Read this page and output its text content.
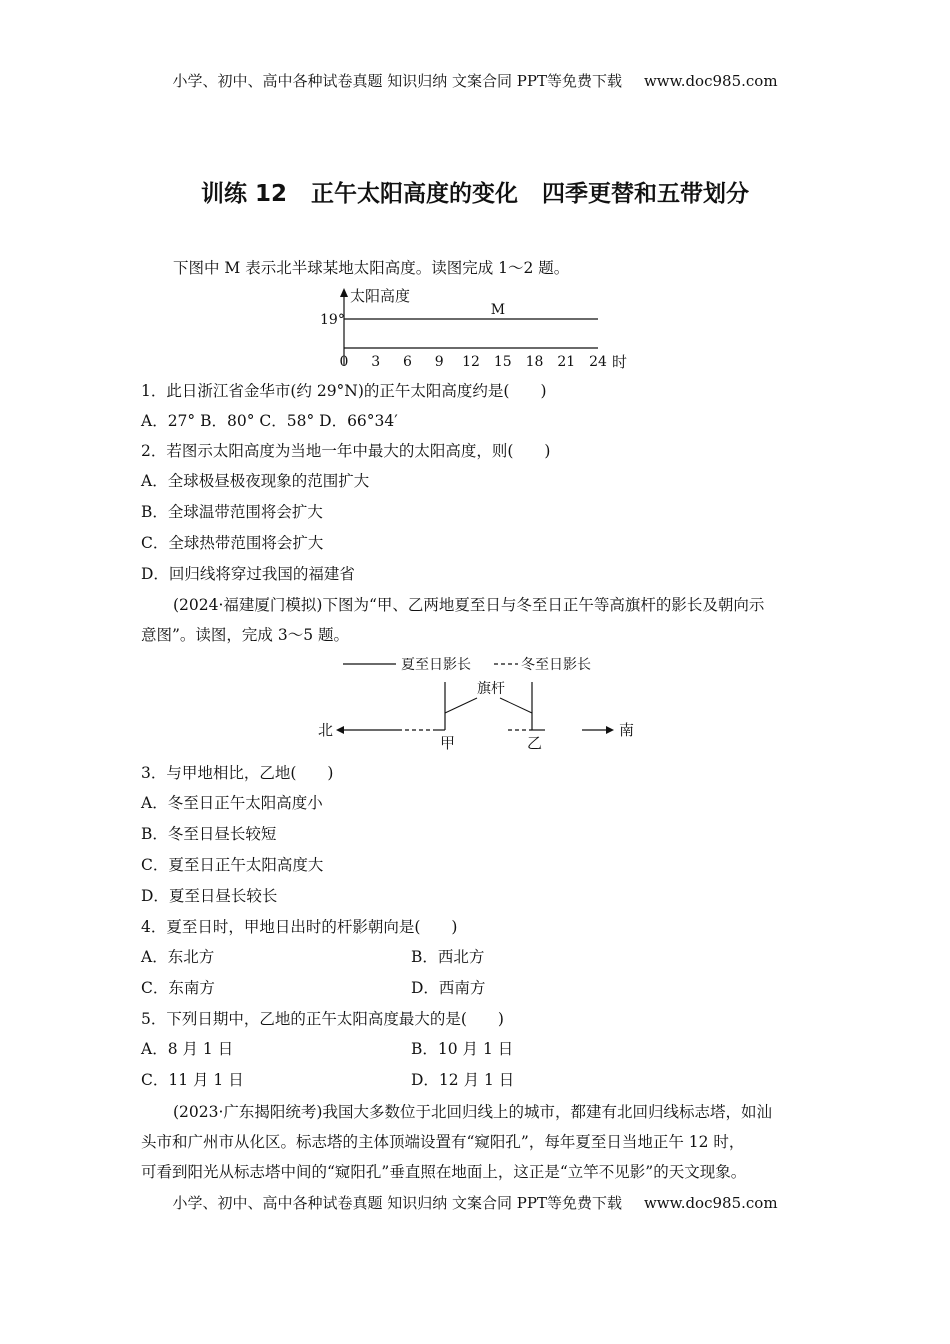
小学、初中、高中各种试卷真题 知识归纳 文案合同 PPT等免费下载 www.doc985.com
训练 12 正午太阳高度的变化 四季更替和五带划分
下图中 M 表示北半球某地太阳高度。读图完成 1～2 题。
太阳高度
19°
0 3 6 9 12 15 18 21 24
M
时
1．此日浙江省金华市(约 29°N)的正午太阳高度约是(　　)
A．27° B．80° C．58° D．66°34′
2．若图示太阳高度为当地一年中最大的太阳高度，则(　　)
A．全球极昼极夜现象的范围扩大
B．全球温带范围将会扩大
C．全球热带范围将会扩大
D．回归线将穿过我国的福建省
(2024·福建厦门模拟)下图为“甲、乙两地夏至日与冬至日正午等高旗杆的影长及朝向示
意图”。读图，完成 3～5 题。
夏至日影长	冬至日影长
旗杆
北	南
甲	乙
3．与甲地相比，乙地(　　)
A．冬至日正午太阳高度小
B．冬至日昼长较短
C．夏至日正午太阳高度大
D．夏至日昼长较长
4．夏至日时，甲地日出时的杆影朝向是(　　)
A．东北方	B．西北方
C．东南方	D．西南方
5．下列日期中，乙地的正午太阳高度最大的是(　　)
A．8 月 1 日	B．10 月 1 日
C．11 月 1 日	D．12 月 1 日
(2023·广东揭阳统考)我国大多数位于北回归线上的城市，都建有北回归线标志塔，如汕
头市和广州市从化区。标志塔的主体顶端设置有“窥阳孔”，每年夏至日当地正午 12 时，
可看到阳光从标志塔中间的“窥阳孔”垂直照在地面上，这正是“立竿不见影”的天文现象。
小学、初中、高中各种试卷真题 知识归纳 文案合同 PPT等免费下载 www.doc985.com
